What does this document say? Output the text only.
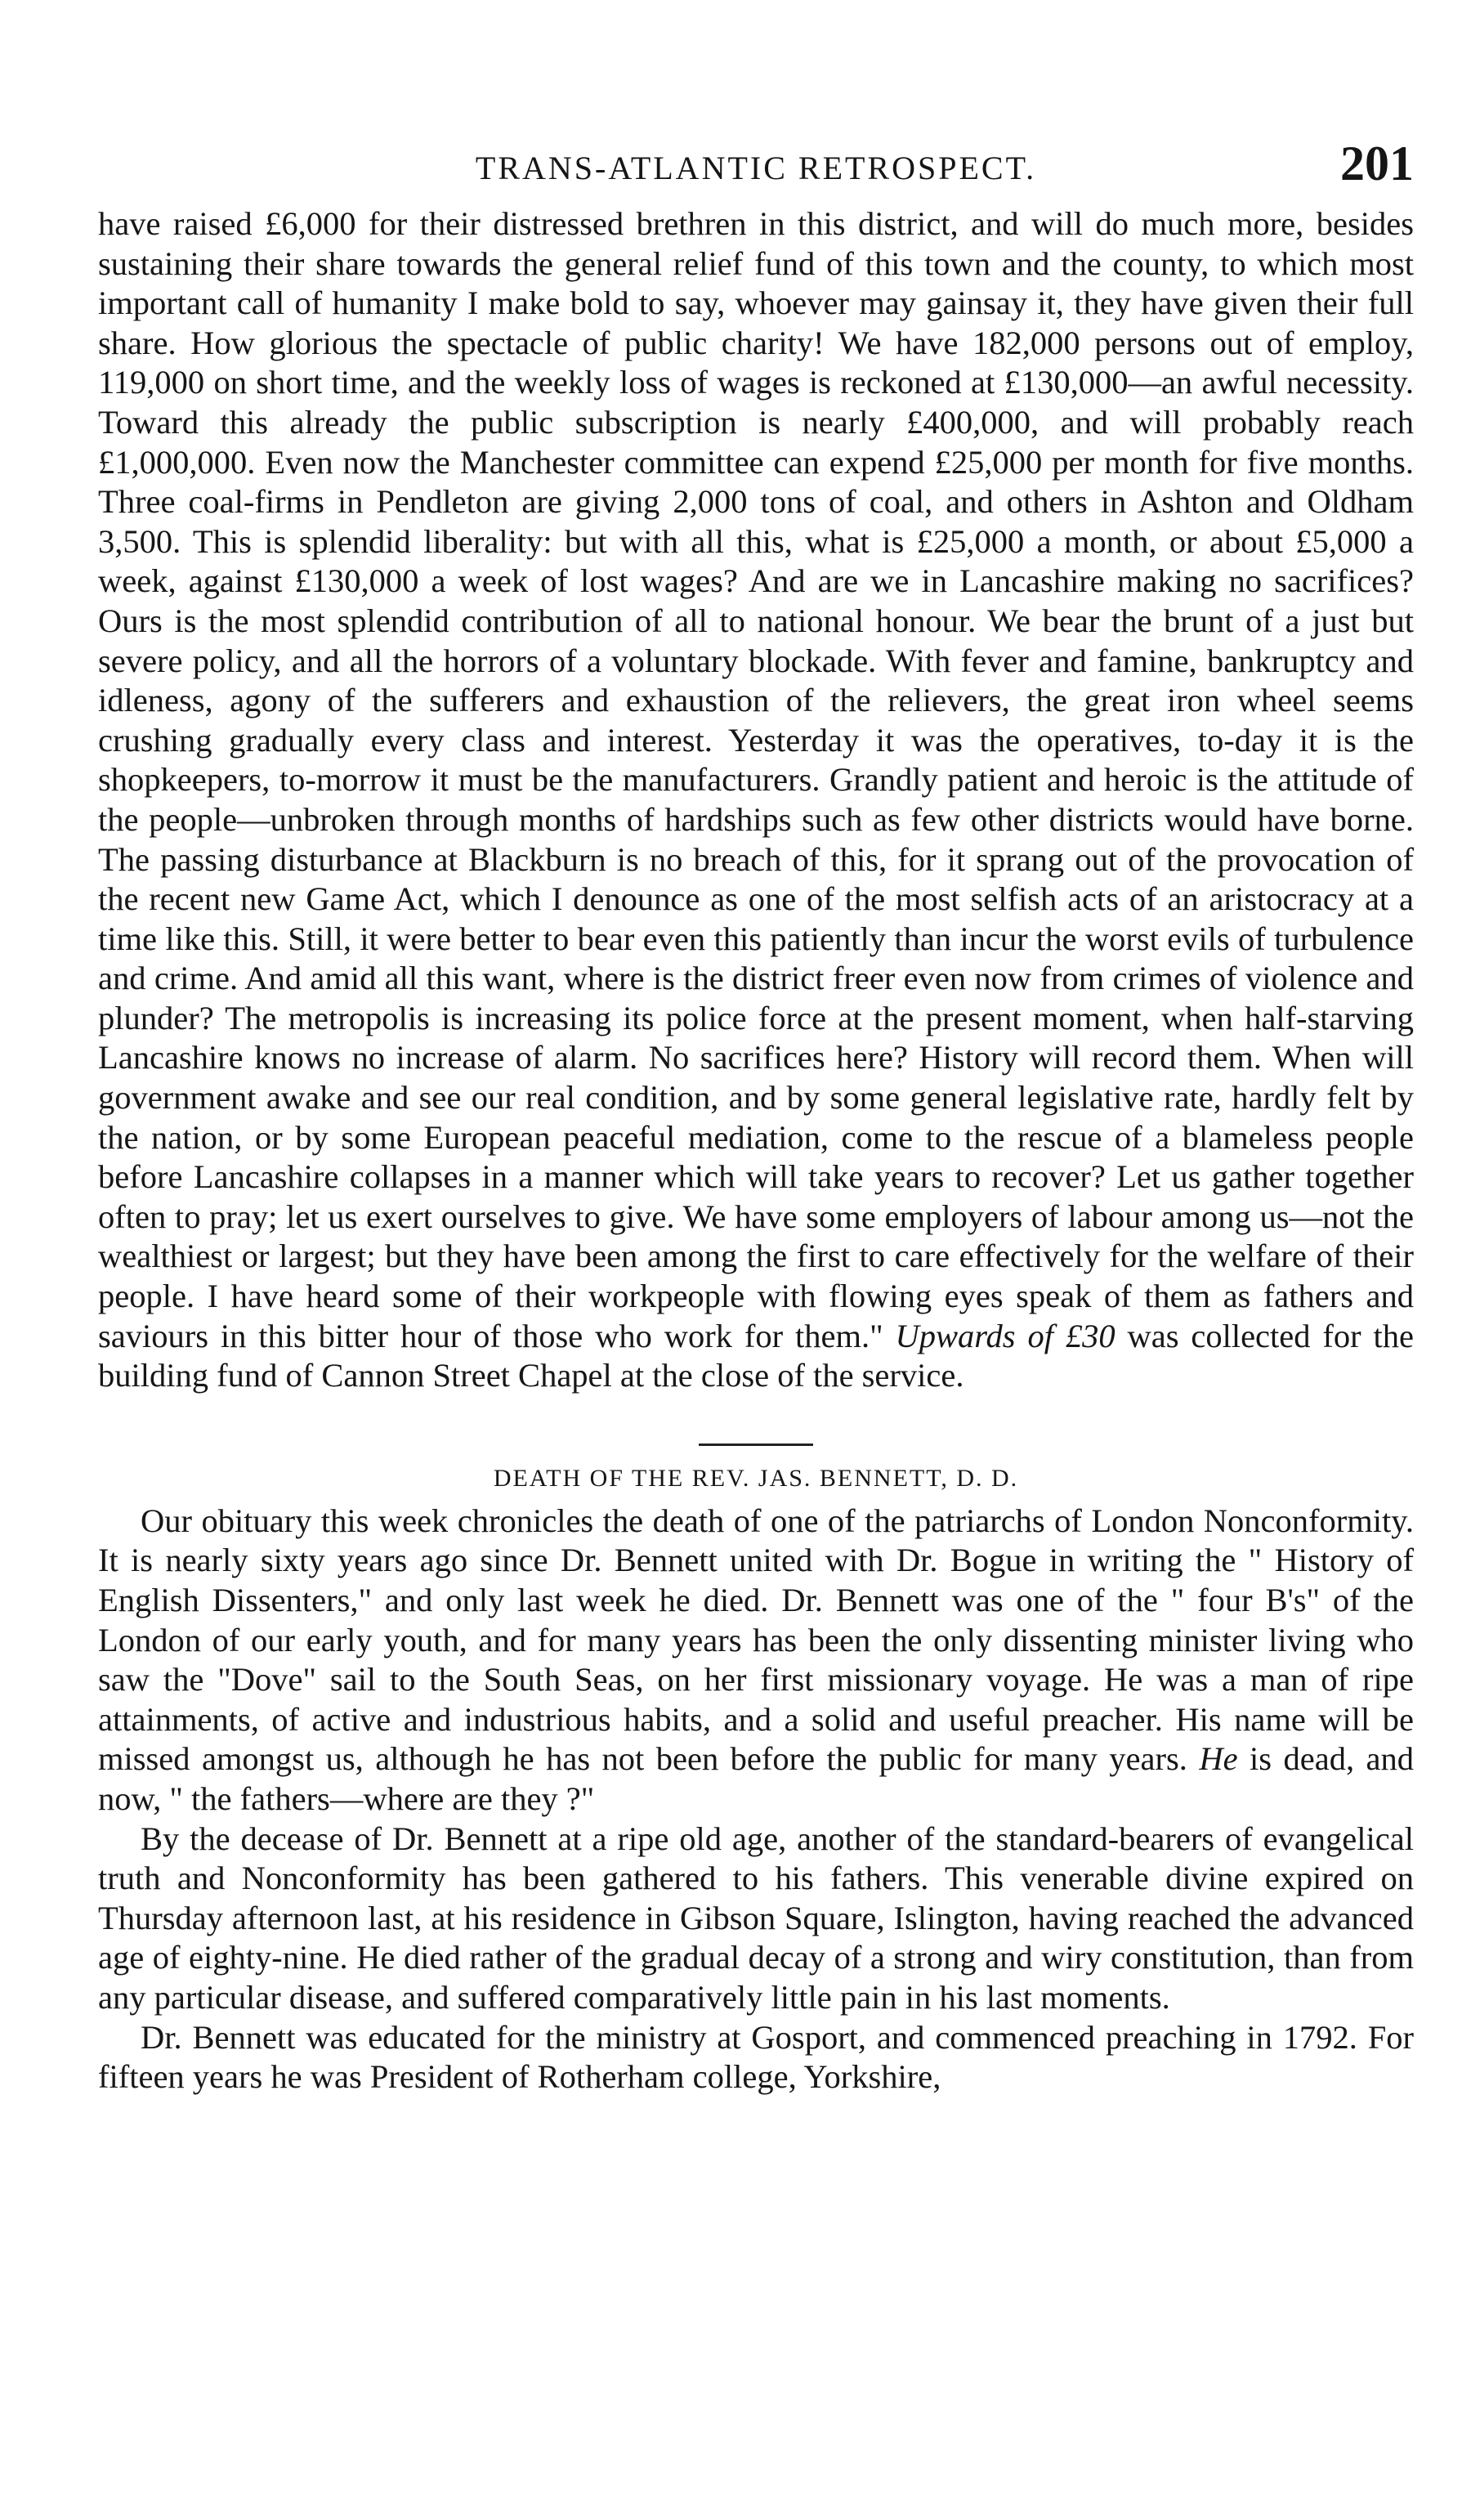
TRANS-ATLANTIC RETROSPECT.	201

have raised £6,000 for their distressed brethren in this district, and will do much more, besides sustaining their share towards the general relief fund of this town and the county, to which most important call of humanity I make bold to say, whoever may gainsay it, they have given their full share. How glorious the spectacle of public charity! We have 182,000 persons out of employ, 119,000 on short time, and the weekly loss of wages is reckoned at £130,000—an awful necessity. Toward this already the public subscription is nearly £400,000, and will probably reach £1,000,000. Even now the Manchester committee can expend £25,000 per month for five months. Three coal-firms in Pendleton are giving 2,000 tons of coal, and others in Ashton and Oldham 3,500. This is splendid liberality: but with all this, what is £25,000 a month, or about £5,000 a week, against £130,000 a week of lost wages? And are we in Lancashire making no sacrifices? Ours is the most splendid contribution of all to national honour. We bear the brunt of a just but severe policy, and all the horrors of a voluntary blockade. With fever and famine, bankruptcy and idleness, agony of the sufferers and exhaustion of the relievers, the great iron wheel seems crushing gradually every class and interest. Yesterday it was the operatives, to-day it is the shopkeepers, to-morrow it must be the manufacturers. Grandly patient and heroic is the attitude of the people—unbroken through months of hardships such as few other districts would have borne. The passing disturbance at Blackburn is no breach of this, for it sprang out of the provocation of the recent new Game Act, which I denounce as one of the most selfish acts of an aristocracy at a time like this. Still, it were better to bear even this patiently than incur the worst evils of turbulence and crime. And amid all this want, where is the district freer even now from crimes of violence and plunder? The metropolis is increasing its police force at the present moment, when half-starving Lancashire knows no increase of alarm. No sacrifices here? History will record them. When will government awake and see our real condition, and by some general legislative rate, hardly felt by the nation, or by some European peaceful mediation, come to the rescue of a blameless people before Lancashire collapses in a manner which will take years to recover? Let us gather together often to pray; let us exert ourselves to give. We have some employers of labour among us—not the wealthiest or largest; but they have been among the first to care effectively for the welfare of their people. I have heard some of their workpeople with flowing eyes speak of them as fathers and saviours in this bitter hour of those who work for them." Upwards of £30 was collected for the building fund of Cannon Street Chapel at the close of the service.

DEATH OF THE REV. JAS. BENNETT, D. D.

Our obituary this week chronicles the death of one of the patriarchs of London Nonconformity. It is nearly sixty years ago since Dr. Bennett united with Dr. Bogue in writing the " History of English Dissenters," and only last week he died. Dr. Bennett was one of the " four B's" of the London of our early youth, and for many years has been the only dissenting minister living who saw the "Dove" sail to the South Seas, on her first missionary voyage. He was a man of ripe attainments, of active and industrious habits, and a solid and useful preacher. His name will be missed amongst us, although he has not been before the public for many years. He is dead, and now, " the fathers—where are they ?"

By the decease of Dr. Bennett at a ripe old age, another of the standard-bearers of evangelical truth and Nonconformity has been gathered to his fathers. This venerable divine expired on Thursday afternoon last, at his residence in Gibson Square, Islington, having reached the advanced age of eighty-nine. He died rather of the gradual decay of a strong and wiry constitution, than from any particular disease, and suffered comparatively little pain in his last moments.

Dr. Bennett was educated for the ministry at Gosport, and commenced preaching in 1792. For fifteen years he was President of Rotherham college, Yorkshire,
